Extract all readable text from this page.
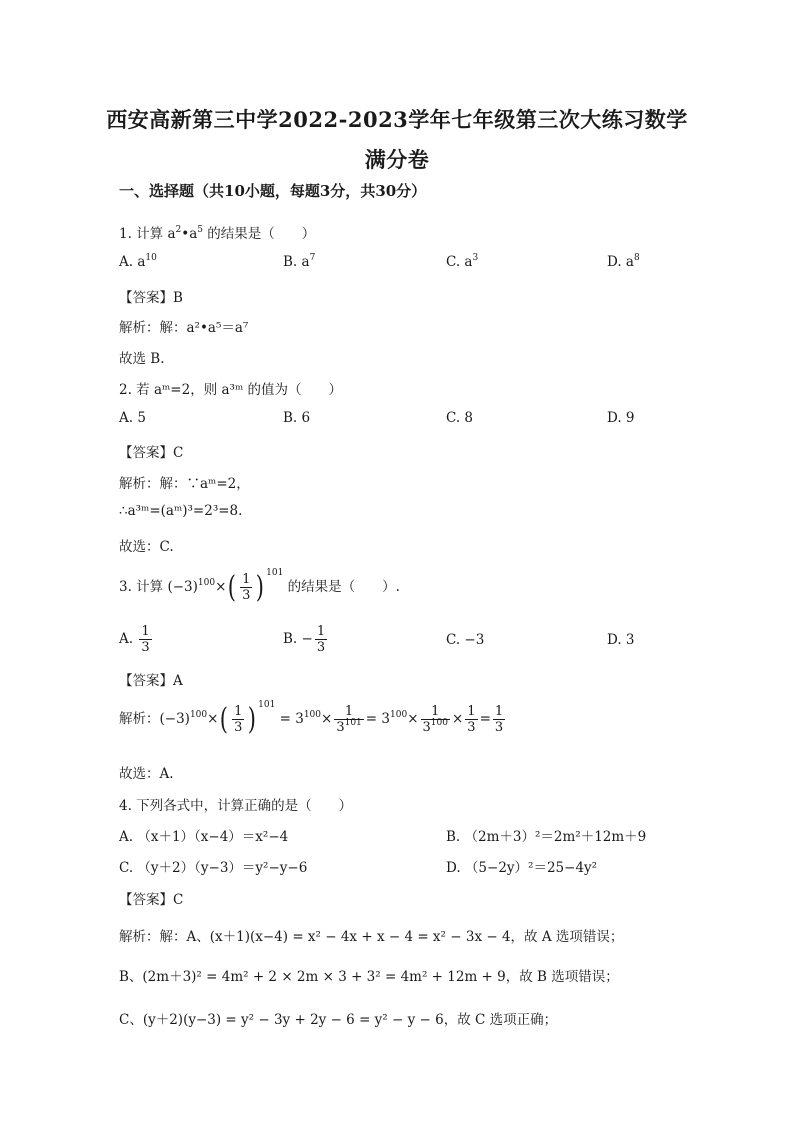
西安高新第三中学2022-2023学年七年级第三次大练习数学
满分卷
一、选择题（共10小题，每题3分，共30分）
1. 计算 $a^2•a^5$ 的结果是（　　）
A. $a^{10}$	B. $a^7$	C. $a^3$	D. $a^8$
【答案】B
解析：解：a²•a⁵＝a⁷
故选 B.
2. 若 aᵐ=2，则 a³ᵐ 的值为（　　）
A. 5	B. 6	C. 8	D. 9
【答案】C
解析：解：∵aᵐ=2，
∴a³ᵐ=(aᵐ)³=2³=8.
故选：C.
3. 计算 $(-3)^{100}\times( \frac{1}{3}$ ) $^{101}$ 的结果是（　　）.
A. $\frac{1}{3}$	B. − $\frac{1}{3}$	C. −3	D. 3
【答案】A
解析：$(-3)^{100}\times( \frac{1}{3}$ ) $^{101} = 3^{100}\times \frac{1}{3^{101}} = 3^{100}\times \frac{1}{3^{100}} \times \frac{1}{3} = \frac{1}{3}$
故选：A.
4. 下列各式中，计算正确的是（　　）
A. （x＋1）（x−4）＝x²−4	B. （2m＋3）²＝2m²＋12m＋9
C. （y＋2）（y−3）＝y²−y−6	D. （5−2y）²＝25−4y²
【答案】C
解析：解：A、(x＋1)(x−4) = x² − 4x + x − 4 = x² − 3x − 4，故 A 选项错误；
B、(2m＋3)² = 4m² + 2 × 2m × 3 + 3² = 4m² + 12m + 9，故 B 选项错误；
C、(y＋2)(y−3) = y² − 3y + 2y − 6 = y² − y − 6，故 C 选项正确；
